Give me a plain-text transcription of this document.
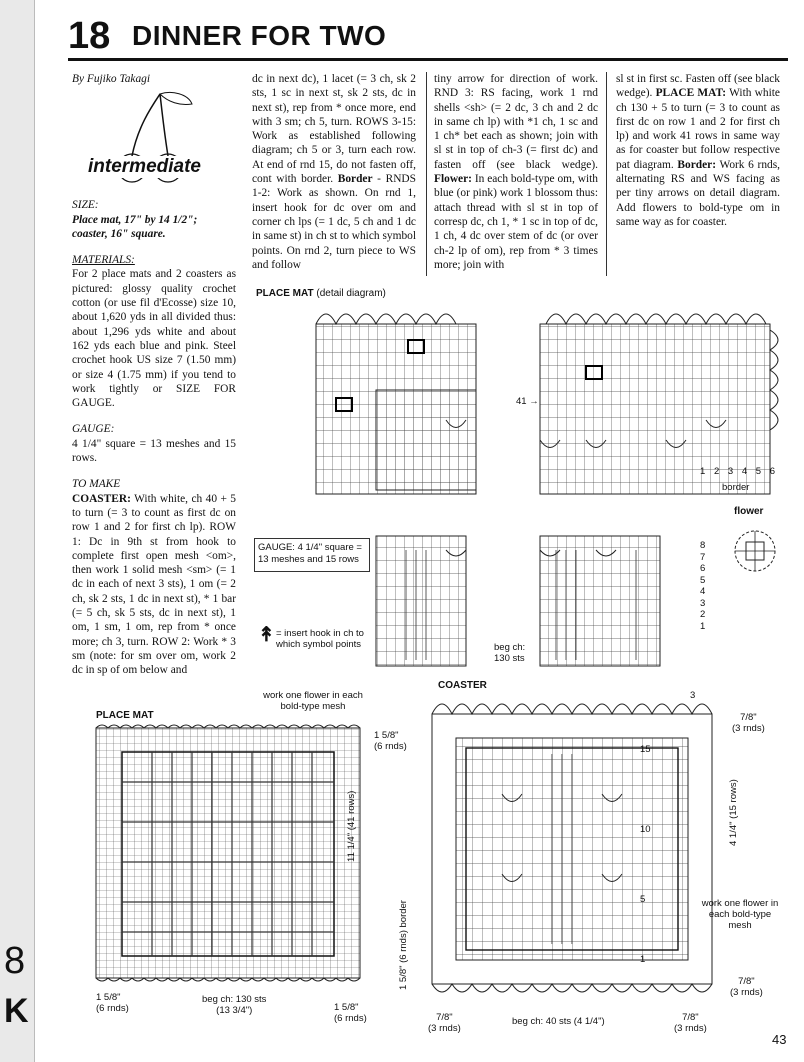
8
K
18 DINNER FOR TWO

By Fujiko Takagi

intermediate

SIZE:

Place mat, 17" by 14 1/2";

coaster, 16" square.

MATERIALS:

For 2 place mats and 2 coasters as pictured: glossy quality crochet cotton (or use fil d'Ecosse) size 10, about 1,620 yds in all divided thus: about 1,296 yds white and about 162 yds each blue and pink. Steel crochet hook US size 7 (1.50 mm) or size 4 (1.75 mm) if you tend to work tightly or SIZE FOR GAUGE.

GAUGE:

4 1/4" square = 13 meshes and 15 rows.

TO MAKE

COASTER: With white, ch 40 + 5 to turn (= 3 to count as first dc on row 1 and 2 for first ch lp). ROW 1: Dc in 9th st from hook to complete first open mesh <om>, then work 1 solid mesh <sm> (= 1 dc in each of next 3 sts), 1 om (= 2 ch, sk 2 sts, 1 dc in next st), * 1 bar (= 5 ch, sk 5 sts, dc in next st), 1 om, 1 sm, 1 om, rep from * once more; ch 3, turn. ROW 2: Work * 3 sm (note: for sm over om, work 2 dc in sp of om below and

dc in next dc), 1 lacet (= 3 ch, sk 2 sts, 1 sc in next st, sk 2 sts, dc in next st), rep from * once more, end with 3 sm; ch 5, turn. ROWS 3-15: Work as established following diagram; ch 5 or 3, turn each row. At end of rnd 15, do not fasten off, cont with border. Border - RNDS 1-2: Work as shown. On rnd 1, insert hook for dc over om and corner ch lps (= 1 dc, 5 ch and 1 dc in same st) in ch st to which symbol points. On rnd 2, turn piece to WS and follow

tiny arrow for direction of work. RND 3: RS facing, work 1 rnd shells <sh> (= 2 dc, 3 ch and 2 dc in same ch lp) with *1 ch, 1 sc and 1 ch* bet each as shown; join with sl st in top of ch-3 (= first dc) and fasten off (see black wedge). Flower: In each bold-type om, with blue (or pink) work 1 blossom thus: attach thread with sl st in top of corresp dc, ch 1, * 1 sc in top of dc, 1 ch, 4 dc over stem of dc (or over ch-2 lp of om), rep from * 3 times more; join with

sl st in first sc. Fasten off (see black wedge). PLACE MAT: With white ch 130 + 5 to turn (= 3 to count as first dc on row 1 and 2 for first ch lp) and work 41 rows in same way as for coaster but follow respective pat diagram. Border: Work 6 rnds, alternating RS and WS facing as per tiny arrows on detail diagram. Add flowers to bold-type om in same way as for coaster.

PLACE MAT (detail diagram)
41 →
1 2 3 4 5 6
border
flower
8
7
6
5
4
3
2
1
GAUGE: 4 1/4" square = 13 meshes and 15 rows
↟ = insert hook in ch to which symbol points	beg ch: 130 sts
PLACE MAT
work one flower in each bold-type mesh
1 5/8"
(6 rnds)
11 1/4" (41 rows)
1 5/8" (6 rnds) border
1 5/8"
(6 rnds)
beg ch: 130 sts
(13 3/4")	1 5/8"
(6 rnds)
COASTER
15
10
5
1
3
7/8"
(3 rnds)
4 1/4" (15 rows)
work one flower in each bold-type mesh
7/8"
(3 rnds)
7/8"
(3 rnds)
beg ch: 40 sts (4 1/4")	7/8"
(3 rnds)
43
